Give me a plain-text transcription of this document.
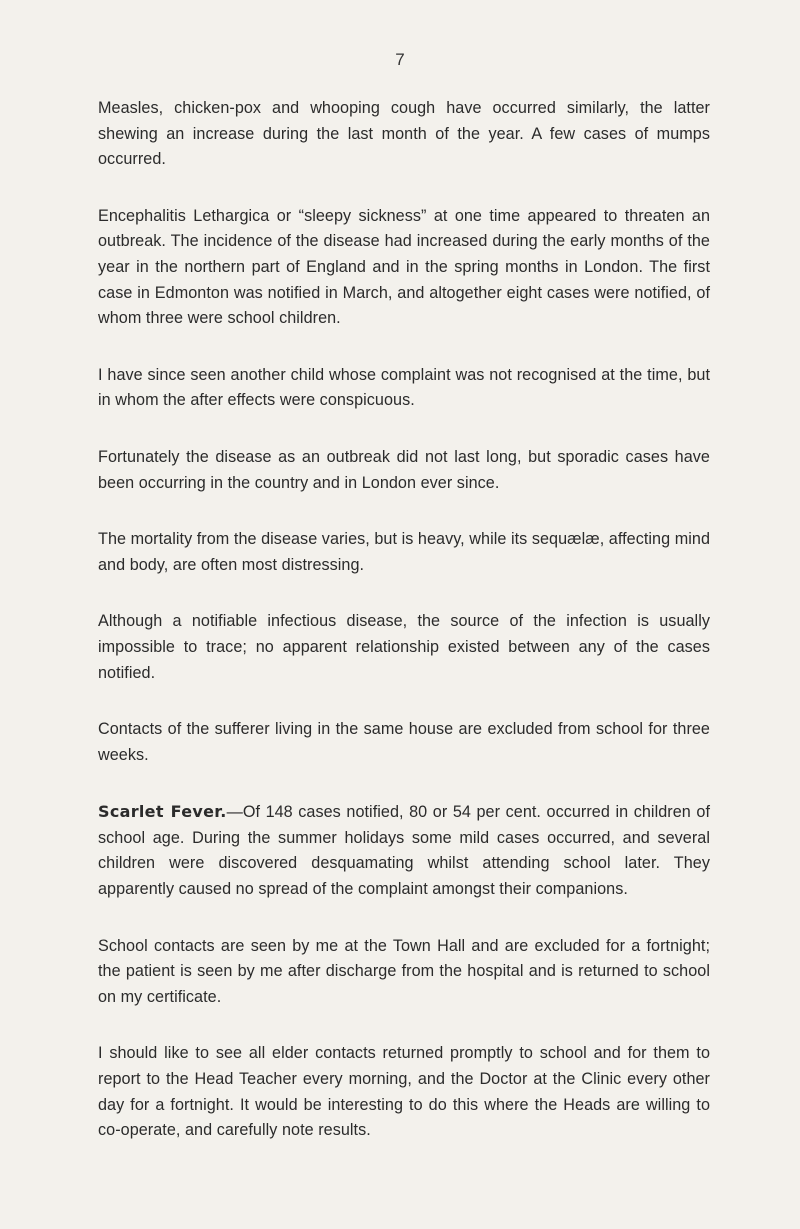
7

Measles, chicken-pox and whooping cough have occurred similarly, the latter shewing an increase during the last month of the year. A few cases of mumps occurred.

Encephalitis Lethargica or “sleepy sickness” at one time appeared to threaten an outbreak. The incidence of the disease had increased during the early months of the year in the northern part of England and in the spring months in London. The first case in Edmonton was notified in March, and altogether eight cases were notified, of whom three were school children.

I have since seen another child whose complaint was not recognised at the time, but in whom the after effects were conspicuous.

Fortunately the disease as an outbreak did not last long, but sporadic cases have been occurring in the country and in London ever since.

The mortality from the disease varies, but is heavy, while its sequælæ, affecting mind and body, are often most distressing.

Although a notifiable infectious disease, the source of the infection is usually impossible to trace; no apparent relationship existed between any of the cases notified.

Contacts of the sufferer living in the same house are excluded from school for three weeks.

Scarlet Fever.—Of 148 cases notified, 80 or 54 per cent. occurred in children of school age. During the summer holidays some mild cases occurred, and several children were discovered desquamating whilst attending school later. They apparently caused no spread of the complaint amongst their companions.

School contacts are seen by me at the Town Hall and are excluded for a fortnight; the patient is seen by me after discharge from the hospital and is returned to school on my certificate.

I should like to see all elder contacts returned promptly to school and for them to report to the Head Teacher every morning, and the Doctor at the Clinic every other day for a fortnight. It would be interesting to do this where the Heads are willing to co-operate, and carefully note results.
